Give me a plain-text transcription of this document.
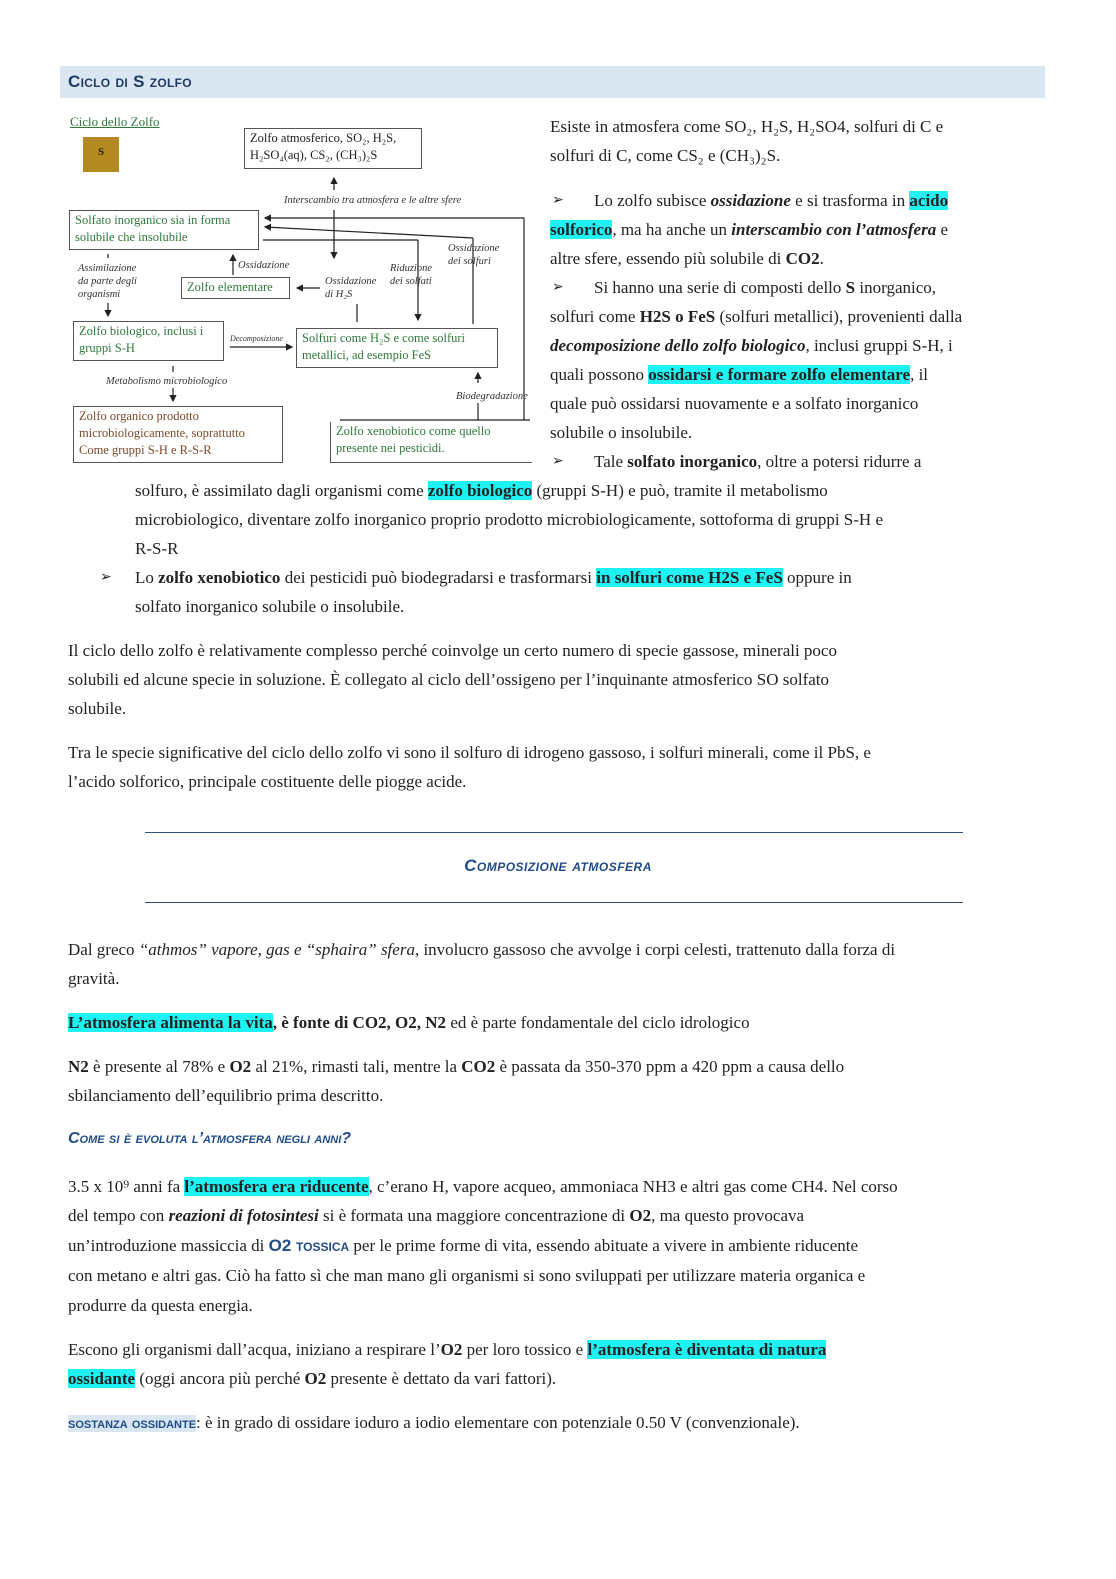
Ciclo di S zolfo
Ciclo dello Zolfo
S
Zolfo atmosferico, SO₂, H₂S, H₂SO₄(aq), CS₂, (CH₃)₂S
Solfato inorganico sia in forma solubile che insolubile
Zolfo elementare
Zolfo biologico, inclusi i gruppi S-H
Solfuri come H₂S e come solfuri metallici, ad esempio FeS
Zolfo organico prodotto microbiologicamente, soprattutto Come gruppi S-H e R-S-R
Zolfo xenobiotico come quello presente nei pesticidi.
Interscambio tra atmosfera e le altre sfere
Assimilazione da parte degli organismi
Ossidazione
Ossidazione di H₂S
Riduzione dei solfati
Ossidazione dei solfuri
Decomposizione
Metabolismo microbiologico
Biodegradazione
Composizione atmosfera
Come si è evoluta l’atmosfera negli anni?
Esiste in atmosfera come SO₂, H₂S, H₂SO4, solfuri di C e
solfuri di C, come CS₂ e (CH₃)₂S.
Lo zolfo subisce ossidazione e si trasforma in acido
➢
solforico, ma ha anche un interscambio con l’atmosfera e
altre sfere, essendo più solubile di CO2.
Si hanno una serie di composti dello S inorganico,
➢
solfuri come H2S o FeS (solfuri metallici), provenienti dalla
decomposizione dello zolfo biologico, inclusi gruppi S-H, i
quali possono ossidarsi e formare zolfo elementare, il
quale può ossidarsi nuovamente e a solfato inorganico
solubile o insolubile.
Tale solfato inorganico, oltre a potersi ridurre a
➢
solfuro, è assimilato dagli organismi come zolfo biologico (gruppi S-H) e può, tramite il metabolismo
microbiologico, diventare zolfo inorganico proprio prodotto microbiologicamente, sottoforma di gruppi S-H e
R-S-R
Lo zolfo xenobiotico dei pesticidi può biodegradarsi e trasformarsi in solfuri come H2S e FeS oppure in
➢
solfato inorganico solubile o insolubile.
Il ciclo dello zolfo è relativamente complesso perché coinvolge un certo numero di specie gassose, minerali poco
solubili ed alcune specie in soluzione. È collegato al ciclo dell’ossigeno per l’inquinante atmosferico SO solfato
solubile.
Tra le specie significative del ciclo dello zolfo vi sono il solfuro di idrogeno gassoso, i solfuri minerali, come il PbS, e
l’acido solforico, principale costituente delle piogge acide.
Dal greco “athmos” vapore, gas e “sphaira” sfera, involucro gassoso che avvolge i corpi celesti, trattenuto dalla forza di
gravità.
L’atmosfera alimenta la vita, è fonte di CO2, O2, N2 ed è parte fondamentale del ciclo idrologico
N2 è presente al 78% e O2 al 21%, rimasti tali, mentre la CO2 è passata da 350-370 ppm a 420 ppm a causa dello
sbilanciamento dell’equilibrio prima descritto.
3.5 x 10⁹ anni fa l’atmosfera era riducente, c’erano H, vapore acqueo, ammoniaca NH3 e altri gas come CH4. Nel corso
del tempo con reazioni di fotosintesi si è formata una maggiore concentrazione di O2, ma questo provocava
un’introduzione massiccia di O2 tossica per le prime forme di vita, essendo abituate a vivere in ambiente riducente
con metano e altri gas. Ciò ha fatto sì che man mano gli organismi si sono sviluppati per utilizzare materia organica e
produrre da questa energia.
Escono gli organismi dall’acqua, iniziano a respirare l’O2 per loro tossico e l’atmosfera è diventata di natura
ossidante (oggi ancora più perché O2 presente è dettato da vari fattori).
sostanza ossidante: è in grado di ossidare ioduro a iodio elementare con potenziale 0.50 V (convenzionale).
